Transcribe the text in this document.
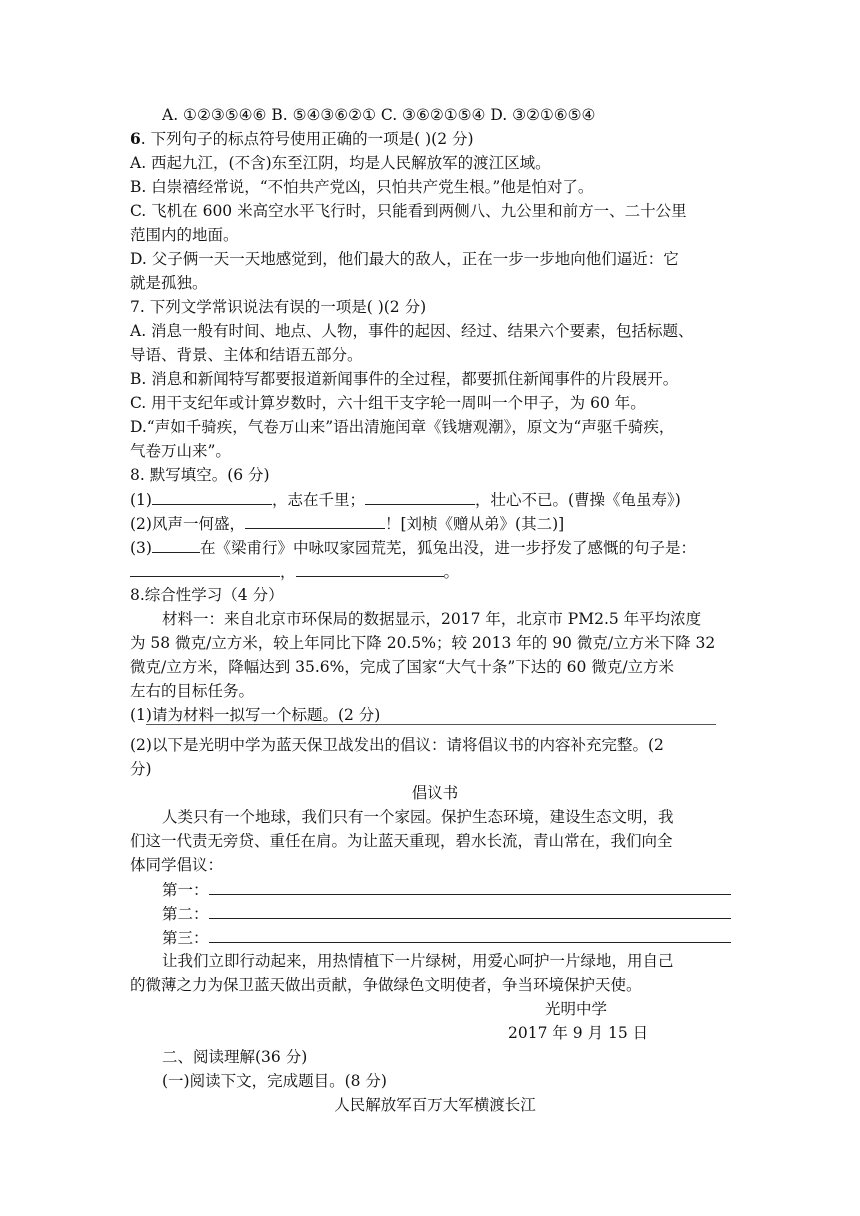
A. ①②③⑤④⑥ B. ⑤④③⑥②① C. ③⑥②①⑤④ D. ③②①⑥⑤④
6. 下列句子的标点符号使用正确的一项是( )(2 分)
A. 西起九江，(不含)东至江阴，均是人民解放军的渡江区域。
B. 白崇禧经常说，“不怕共产党凶，只怕共产党生根。”他是怕对了。
C. 飞机在 600 米高空水平飞行时，只能看到两侧八、九公里和前方一、二十公里
范围内的地面。
D. 父子俩一天一天地感觉到，他们最大的敌人，正在一步一步地向他们逼近：它
就是孤独。
7. 下列文学常识说法有误的一项是( )(2 分)
A. 消息一般有时间、地点、人物，事件的起因、经过、结果六个要素，包括标题、
导语、背景、主体和结语五部分。
B. 消息和新闻特写都要报道新闻事件的全过程，都要抓住新闻事件的片段展开。
C. 用干支纪年或计算岁数时，六十组干支字轮一周叫一个甲子，为 60 年。
D.“声如千骑疾，气卷万山来”语出清施闰章《钱塘观潮》，原文为“声驱千骑疾，
气卷万山来”。
8. 默写填空。(6 分)
(1)	，志在千里；	，壮心不已。(曹操《龟虽寿》)
(2)风声一何盛，	！[刘桢《赠从弟》(其二)]
(3)	在《梁甫行》中咏叹家园荒芜，狐兔出没，进一步抒发了感慨的句子是：
，	。
8.综合性学习（4 分）
材料一：来自北京市环保局的数据显示，2017 年，北京市 PM2.5 年平均浓度
为 58 微克/立方米，较上年同比下降 20.5%；较 2013 年的 90 微克/立方米下降 32
微克/立方米，降幅达到 35.6%，完成了国家“大气十条”下达的 60 微克/立方米
左右的目标任务。
(1)请为材料一拟写一个标题。(2 分)
(2)以下是光明中学为蓝天保卫战发出的倡议：请将倡议书的内容补充完整。(2
分)
倡议书
人类只有一个地球，我们只有一个家园。保护生态环境，建设生态文明，我
们这一代责无旁贷、重任在肩。为让蓝天重现，碧水长流，青山常在，我们向全
体同学倡议：
第一：
第二：
第三：
让我们立即行动起来，用热情植下一片绿树，用爱心呵护一片绿地，用自己
的微薄之力为保卫蓝天做出贡献，争做绿色文明使者，争当环境保护天使。
光明中学
2017 年 9 月 15 日
二、阅读理解(36 分)
(一)阅读下文，完成题目。(8 分)
人民解放军百万大军横渡长江
